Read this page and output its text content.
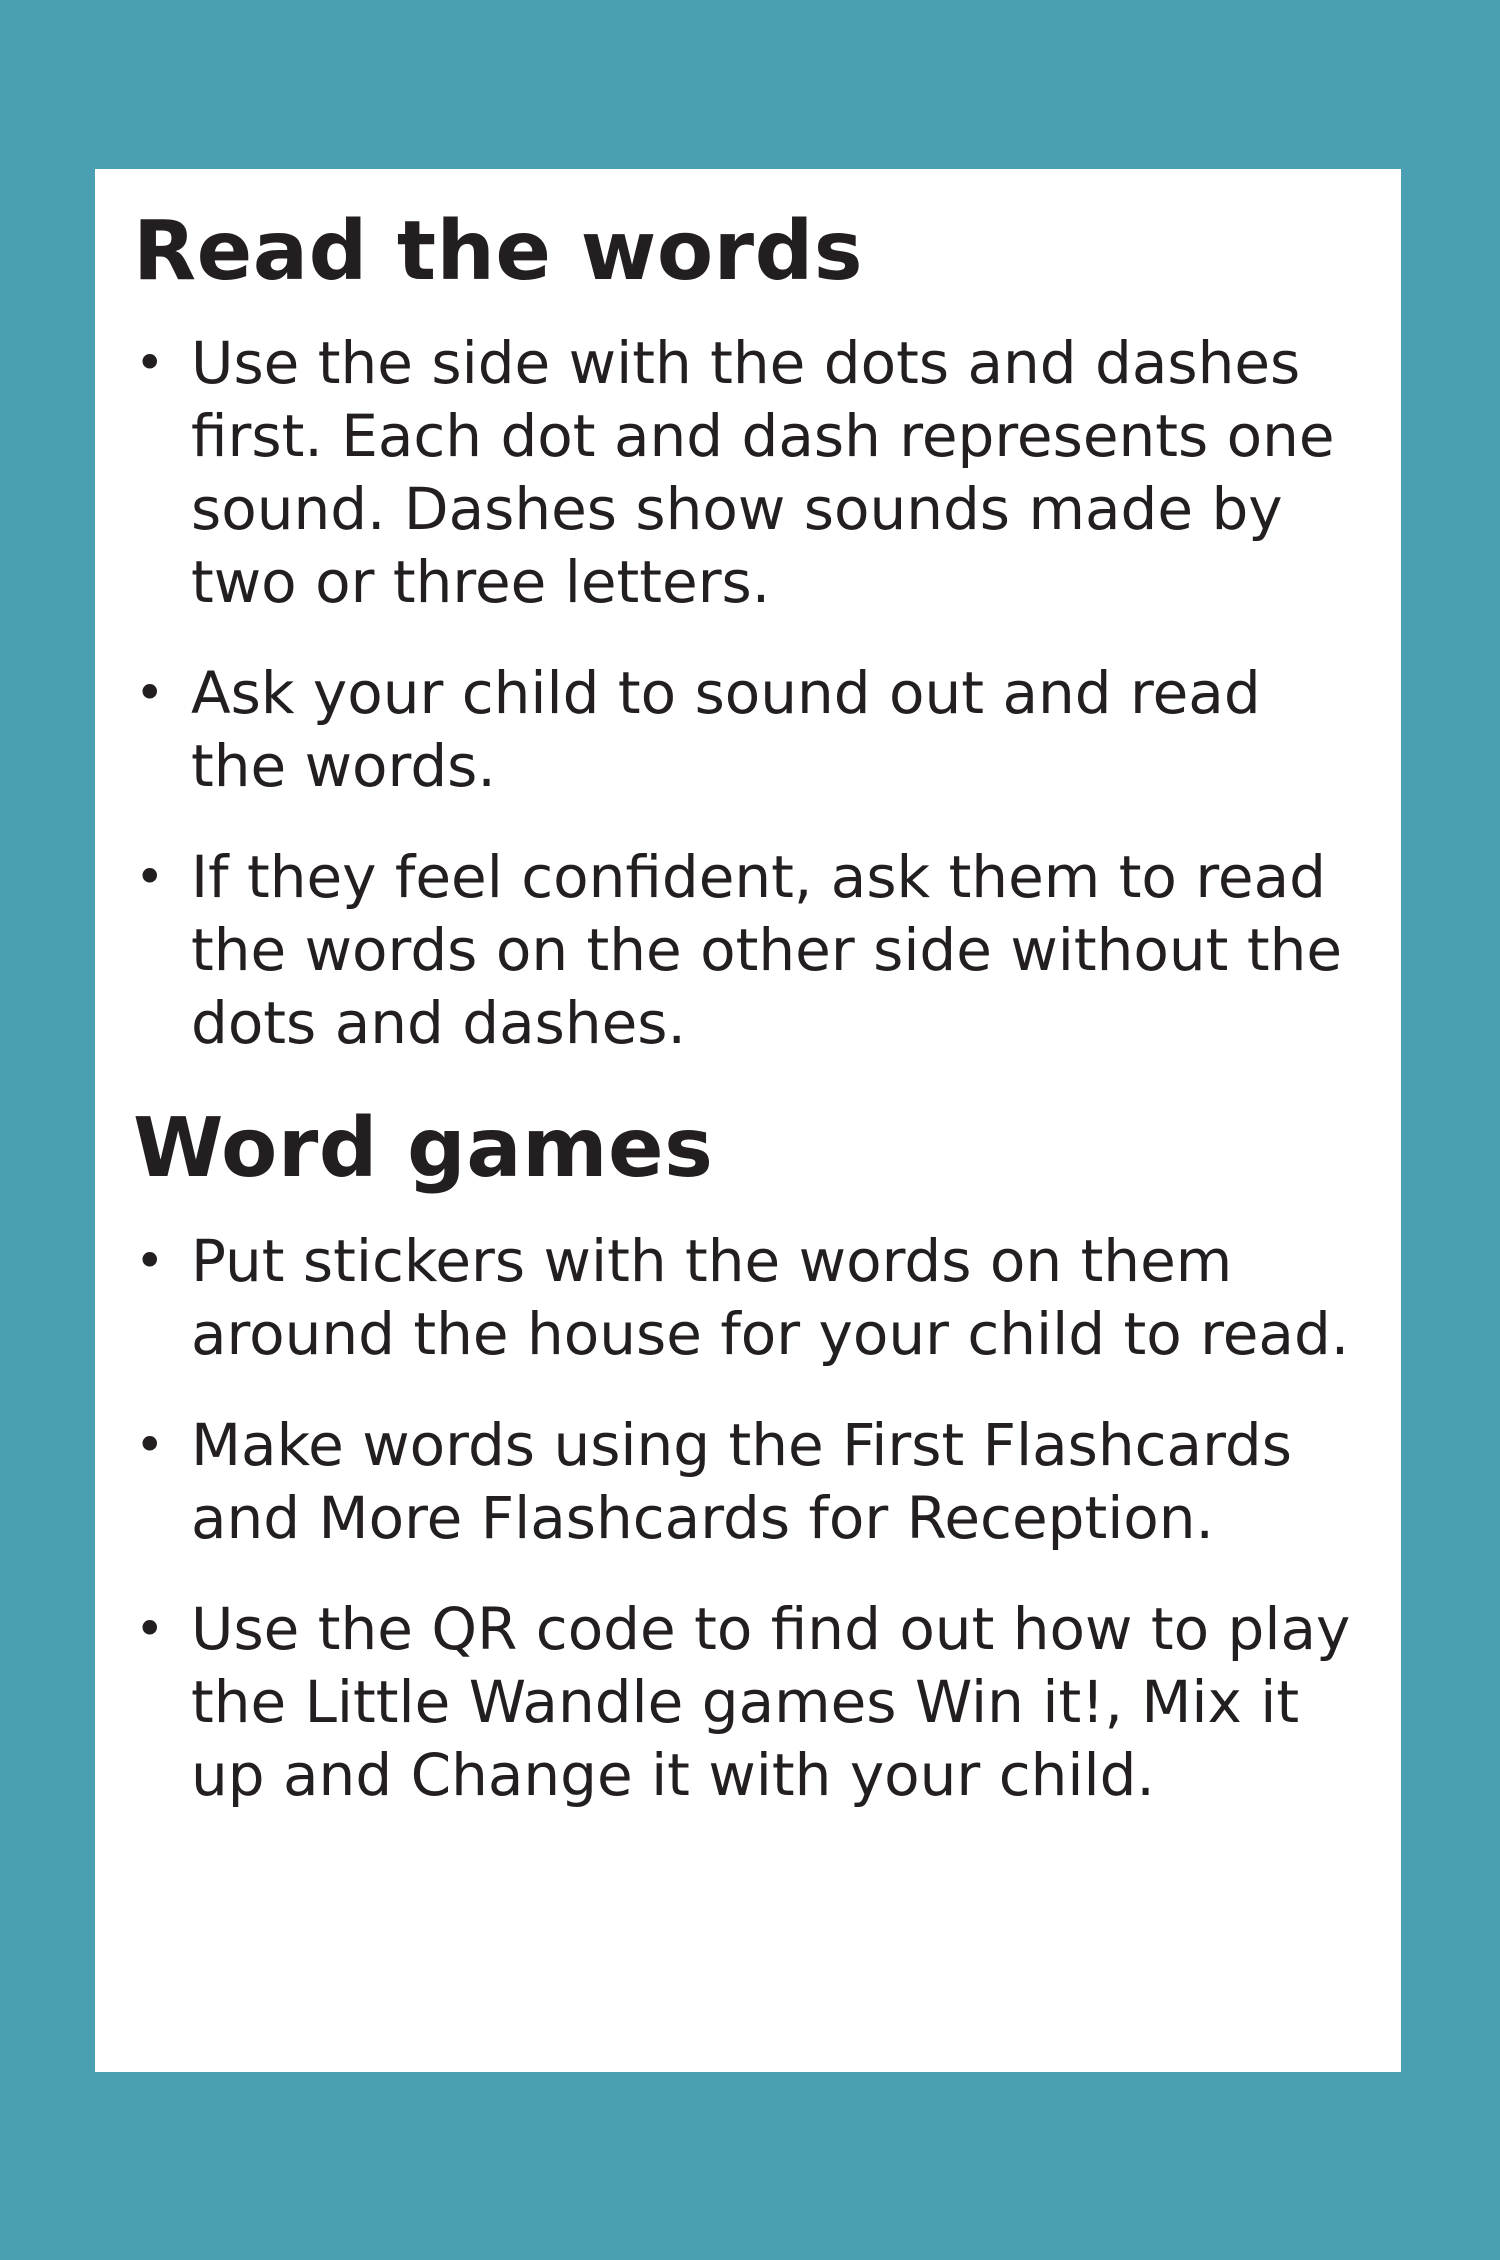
Read the words
• Use the side with the dots and dashes first. Each dot and dash represents one sound. Dashes show sounds made by two or three letters.
• Ask your child to sound out and read the words.
• If they feel confident, ask them to read the words on the other side without the dots and dashes.
Word games
• Put stickers with the words on them around the house for your child to read.
• Make words using the First Flashcards and More Flashcards for Reception.
• Use the QR code to find out how to play the Little Wandle games Win it!, Mix it up and Change it with your child.
